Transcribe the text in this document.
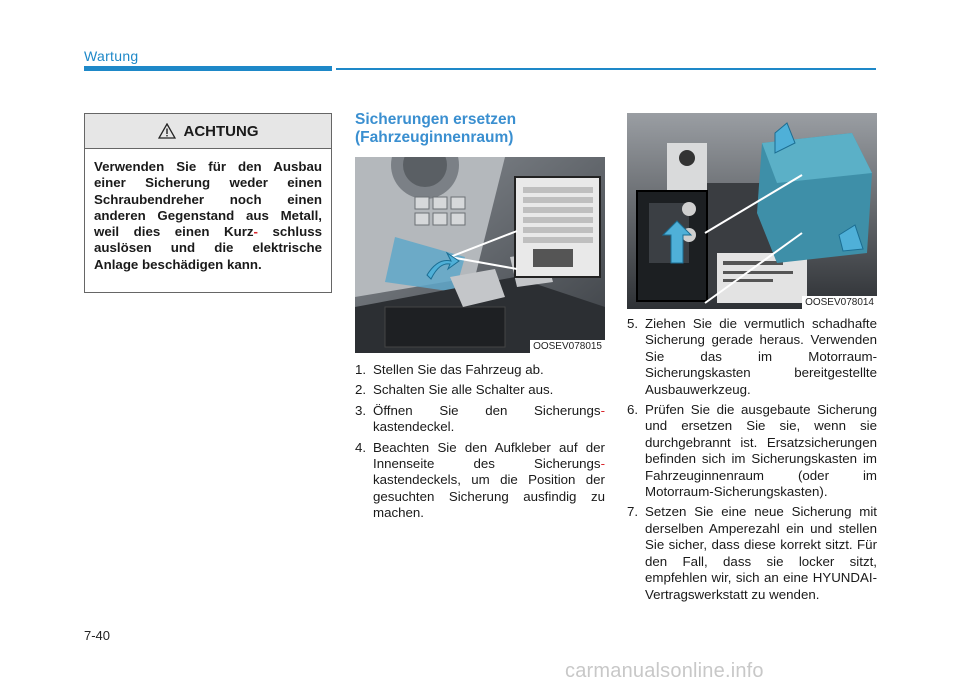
Wartung
ACHTUNG
Verwenden Sie für den Ausbau einer Sicherung weder einen Schraubendreher noch einen anderen Gegenstand aus Metall, weil dies einen Kurz- schluss auslösen und die elektrische Anlage beschädigen kann.
Sicherungen ersetzen
(Fahrzeuginnenraum)
OOSEV078015
OOSEV078014
1. Stellen Sie das Fahrzeug ab.
2. Schalten Sie alle Schalter aus.
3. Öffnen Sie den Sicherungs- kastendeckel.
4. Beachten Sie den Aufkleber auf der Innenseite des Sicherungs- kastendeckels, um die Position der gesuchten Sicherung ausfindig zu machen.
5. Ziehen Sie die vermutlich schadhafte Sicherung gerade heraus. Verwenden Sie das im Motorraum-Sicherungskasten bereitgestellte Ausbauwerkzeug.
6. Prüfen Sie die ausgebaute Sicherung und ersetzen Sie sie, wenn sie durchgebrannt ist. Ersatzsicherungen befinden sich im Sicherungskasten im Fahrzeuginnenraum (oder im Motorraum-Sicherungskasten).
7. Setzen Sie eine neue Sicherung mit derselben Amperezahl ein und stellen Sie sicher, dass diese korrekt sitzt. Für den Fall, dass sie locker sitzt, empfehlen wir, sich an eine HYUNDAI-Vertragswerkstatt zu wenden.
7-40
carmanualsonline.info
